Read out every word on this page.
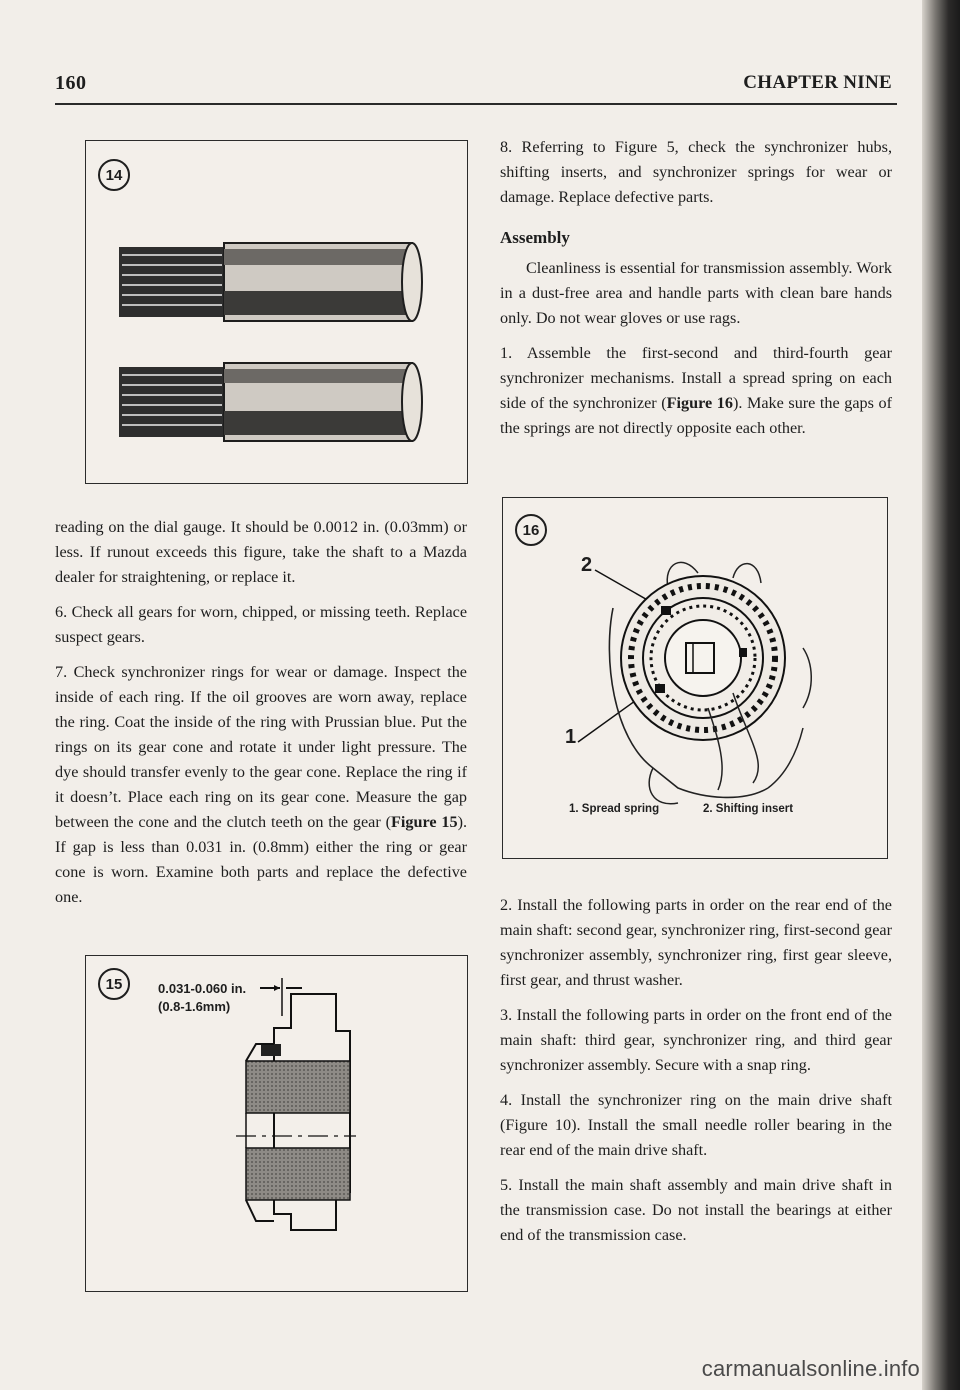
160	CHAPTER NINE
14

reading on the dial gauge. It should be 0.0012 in. (0.03mm) or less. If runout exceeds this figure, take the shaft to a Mazda dealer for straightening, or replace it.

6. Check all gears for worn, chipped, or missing teeth. Replace suspect gears.

7. Check synchronizer rings for wear or damage. Inspect the inside of each ring. If the oil grooves are worn away, replace the ring. Coat the inside of the ring with Prussian blue. Put the rings on its gear cone and rotate it under light pressure. The dye should transfer evenly to the gear cone. Replace the ring if it doesn’t. Place each ring on its gear cone. Measure the gap between the cone and the clutch teeth on the gear (Figure 15). If gap is less than 0.031 in. (0.8mm) either the ring or gear cone is worn. Examine both parts and replace the defective one.

15	0.031-0.060 in.
(0.8-1.6mm)

8. Referring to Figure 5, check the synchronizer hubs, shifting inserts, and synchronizer springs for wear or damage. Replace defective parts.

Assembly

Cleanliness is essential for transmission assembly. Work in a dust-free area and handle parts with clean bare hands only. Do not wear gloves or use rags.

1. Assemble the first-second and third-fourth gear synchronizer mechanisms. Install a spread spring on each side of the synchronizer (Figure 16). Make sure the gaps of the springs are not directly opposite each other.

16
2
1
1. Spread spring	2. Shifting insert

2. Install the following parts in order on the rear end of the main shaft: second gear, synchronizer ring, first-second gear synchronizer assembly, synchronizer ring, first gear sleeve, first gear, and thrust washer.

3. Install the following parts in order on the front end of the main shaft: third gear, synchronizer ring, and third gear synchronizer assembly. Secure with a snap ring.

4. Install the synchronizer ring on the main drive shaft (Figure 10). Install the small needle roller bearing in the rear end of the main drive shaft.

5. Install the main shaft assembly and main drive shaft in the transmission case. Do not install the bearings at either end of the transmission case.

carmanualsonline.info
